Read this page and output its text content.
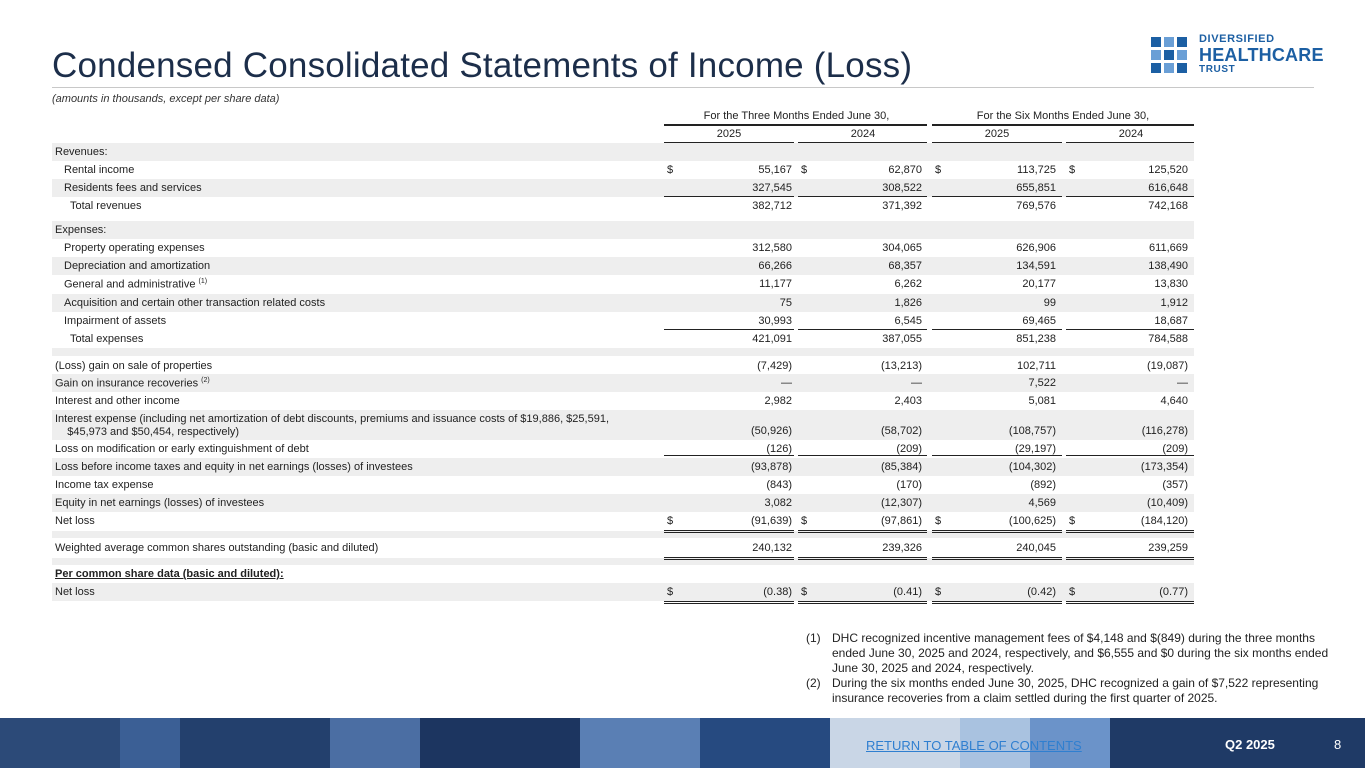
Condensed Consolidated Statements of Income (Loss)
(amounts in thousands, except per share data)
DIVERSIFIED
HEALTHCARE
TRUST
For the Three Months Ended June 30,	For the Six Months Ended June 30,
2025	2024	2025	2024
Revenues:
Rental income	$	55,167 $	62,870 $	113,725 $	125,520
Residents fees and services	327,545	308,522	655,851	616,648
Total revenues	382,712	371,392	769,576	742,168
Expenses:
Property operating expenses	312,580	304,065	626,906	611,669
Depreciation and amortization	66,266	68,357	134,591	138,490
General and administrative $^{(1)}$	11,177	6,262	20,177	13,830
Acquisition and certain other transaction related costs	75	1,826	99	1,912
Impairment of assets	30,993	6,545	69,465	18,687
Total expenses	421,091	387,055	851,238	784,588
(Loss) gain on sale of properties	(7,429)	(13,213)	102,711	(19,087)
Gain on insurance recoveries $^{(2)}$	—	—	7,522	—
Interest and other income	2,982	2,403	5,081	4,640
Interest expense (including net amortization of debt discounts, premiums and issuance costs of $19,886, $25,591,
$45,973 and $50,454, respectively)	(50,926)	(58,702)	(108,757)	(116,278)
Loss on modification or early extinguishment of debt	(126)	(209)	(29,197)	(209)
Loss before income taxes and equity in net earnings (losses) of investees	(93,878)	(85,384)	(104,302)	(173,354)
Income tax expense	(843)	(170)	(892)	(357)
Equity in net earnings (losses) of investees	3,082	(12,307)	4,569	(10,409)
Net loss	$	(91,639) $	(97,861) $	(100,625) $	(184,120)
Weighted average common shares outstanding (basic and diluted)	240,132	239,326	240,045	239,259
Per common share data (basic and diluted):
Net loss	$	(0.38) $	(0.41) $	(0.42) $	(0.77)
(1) DHC recognized incentive management fees of $4,148 and $(849) during the three months ended June 30, 2025 and 2024, respectively, and $6,555 and $0 during the six months ended June 30, 2025 and 2024, respectively.
(2) During the six months ended June 30, 2025, DHC recognized a gain of $7,522 representing insurance recoveries from a claim settled during the first quarter of 2025.
RETURN TO TABLE OF CONTENTS	Q2 2025	8
